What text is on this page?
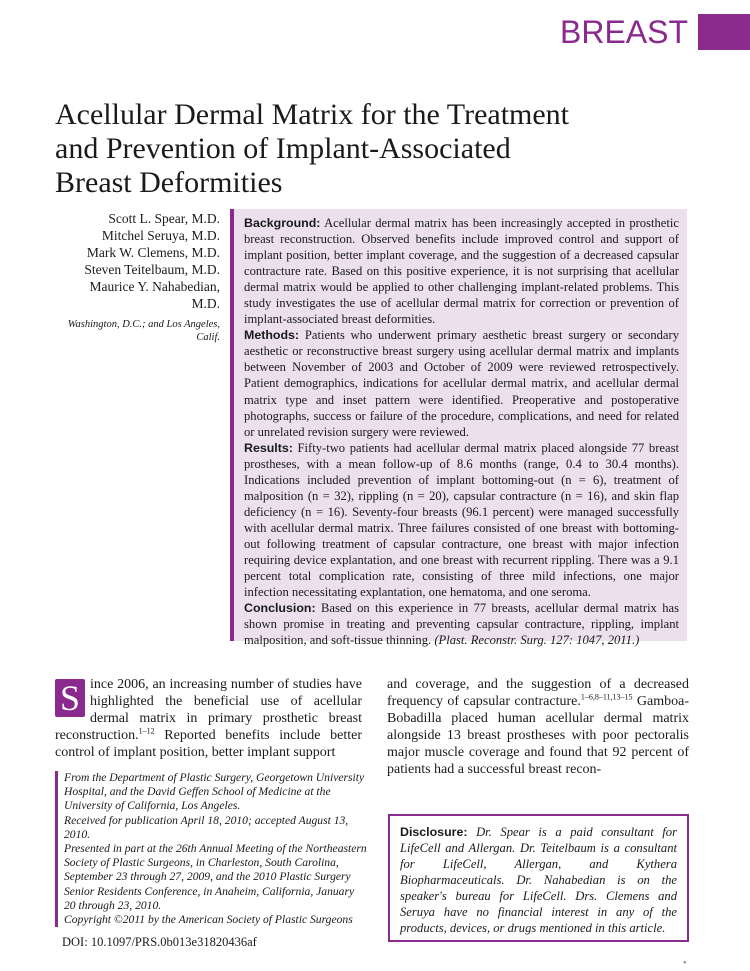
BREAST
Acellular Dermal Matrix for the Treatment
and Prevention of Implant-Associated
Breast Deformities
Scott L. Spear, M.D.
Mitchel Seruya, M.D.
Mark W. Clemens, M.D.
Steven Teitelbaum, M.D.
Maurice Y. Nahabedian,
M.D.
Washington, D.C.; and Los Angeles,
Calif.

Background: Acellular dermal matrix has been increasingly accepted in prosthetic breast reconstruction. Observed benefits include improved control and support of implant position, better implant coverage, and the suggestion of a decreased capsular contracture rate. Based on this positive experience, it is not surprising that acellular dermal matrix would be applied to other challenging implant-related problems. This study investigates the use of acellular dermal matrix for correction or prevention of implant-associated breast deformities.

Methods: Patients who underwent primary aesthetic breast surgery or secondary aesthetic or reconstructive breast surgery using acellular dermal matrix and implants between November of 2003 and October of 2009 were reviewed retrospectively. Patient demographics, indications for acellular dermal matrix, and acellular dermal matrix type and inset pattern were identified. Preoperative and postoperative photographs, success or failure of the procedure, complications, and need for related or unrelated revision surgery were reviewed.

Results: Fifty-two patients had acellular dermal matrix placed alongside 77 breast prostheses, with a mean follow-up of 8.6 months (range, 0.4 to 30.4 months). Indications included prevention of implant bottoming-out (n = 6), treatment of malposition (n = 32), rippling (n = 20), capsular contracture (n = 16), and skin flap deficiency (n = 16). Seventy-four breasts (96.1 percent) were managed successfully with acellular dermal matrix. Three failures consisted of one breast with bottoming-out following treatment of capsular contracture, one breast with major infection requiring device explantation, and one breast with recurrent rippling. There was a 9.1 percent total complication rate, consisting of three mild infections, one major infection necessitating explantation, one hematoma, and one seroma.

Conclusion: Based on this experience in 77 breasts, acellular dermal matrix has shown promise in treating and preventing capsular contracture, rippling, implant malposition, and soft-tissue thinning. (Plast. Reconstr. Surg. 127: 1047, 2011.)

S ince 2006, an increasing number of studies have highlighted the beneficial use of acellular dermal matrix in primary prosthetic breast reconstruction.$^{1-12}$ Reported benefits include better control of implant position, better implant support
and coverage, and the suggestion of a decreased frequency of capsular contracture.$^{1-6,8-11,13-15}$ Gamboa-Bobadilla placed human acellular dermal matrix alongside 13 breast prostheses with poor pectoralis major muscle coverage and found that 92 percent of patients had a successful breast recon-

From the Department of Plastic Surgery, Georgetown University Hospital, and the David Geffen School of Medicine at the University of California, Los Angeles.

Received for publication April 18, 2010; accepted August 13, 2010.

Presented in part at the 26th Annual Meeting of the Northeastern Society of Plastic Surgeons, in Charleston, South Carolina, September 23 through 27, 2009, and the 2010 Plastic Surgery Senior Residents Conference, in Anaheim, California, January 20 through 23, 2010.

Copyright ©2011 by the American Society of Plastic Surgeons

DOI: 10.1097/PRS.0b013e31820436af
Disclosure: Dr. Spear is a paid consultant for LifeCell and Allergan. Dr. Teitelbaum is a consultant for LifeCell, Allergan, and Kythera Biopharmaceuticals. Dr. Nahabedian is on the speaker's bureau for LifeCell. Drs. Clemens and Seruya have no financial interest in any of the products, devices, or drugs mentioned in this article.
•
